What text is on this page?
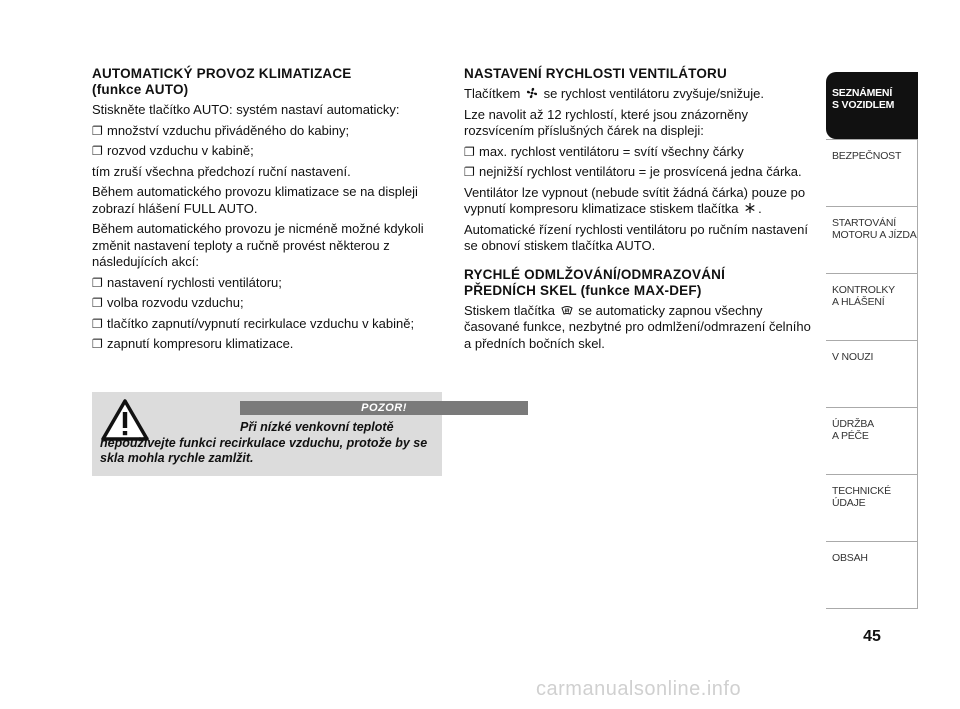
AUTOMATICKÝ PROVOZ KLIMATIZACE
(funkce AUTO)

Stiskněte tlačítko AUTO: systém nastaví automaticky:

❐ množství vzduchu přiváděného do kabiny;
❐ rozvod vzduchu v kabině;

tím zruší všechna předchozí ruční nastavení.

Během automatického provozu klimatizace se na displeji zobrazí hlášení FULL AUTO.

Během automatického provozu je nicméně možné kdykoli změnit nastavení teploty a ručně provést některou z následujících akcí:

❐ nastavení rychlosti ventilátoru;
❐ volba rozvodu vzduchu;
❐ tlačítko zapnutí/vypnutí recirkulace vzduchu v kabině;
❐ zapnutí kompresoru klimatizace.
POZOR!
Při nízké venkovní teplotě nepoužívejte funkci recirkulace vzduchu, protože by se skla mohla rychle zamlžit.
NASTAVENÍ RYCHLOSTI VENTILÁTORU

Tlačítkem se rychlost ventilátoru zvyšuje/snižuje.

Lze navolit až 12 rychlostí, které jsou znázorněny rozsvícením příslušných čárek na displeji:

❐ max. rychlost ventilátoru = svítí všechny čárky
❐ nejnižší rychlost ventilátoru = je prosvícená jedna čárka.

Ventilátor lze vypnout (nebude svítit žádná čárka) pouze po vypnutí kompresoru klimatizace stiskem tlačítka .

Automatické řízení rychlosti ventilátoru po ručním nastavení se obnoví stiskem tlačítka AUTO.

RYCHLÉ ODMLŽOVÁNÍ/ODMRAZOVÁNÍ
PŘEDNÍCH SKEL (funkce MAX-DEF)

Stiskem tlačítka se automaticky zapnou všechny časované funkce, nezbytné pro odmlžení/odmrazení čelního a předních bočních skel.

SEZNÁMENÍ
S VOZIDLEM
BEZPEČNOST
STARTOVÁNÍ
MOTORU A JÍZDA
KONTROLKY
A HLÁŠENÍ
V NOUZI
ÚDRŽBA
A PÉČE
TECHNICKÉ
ÚDAJE
OBSAH
45
carmanualsonline.info
